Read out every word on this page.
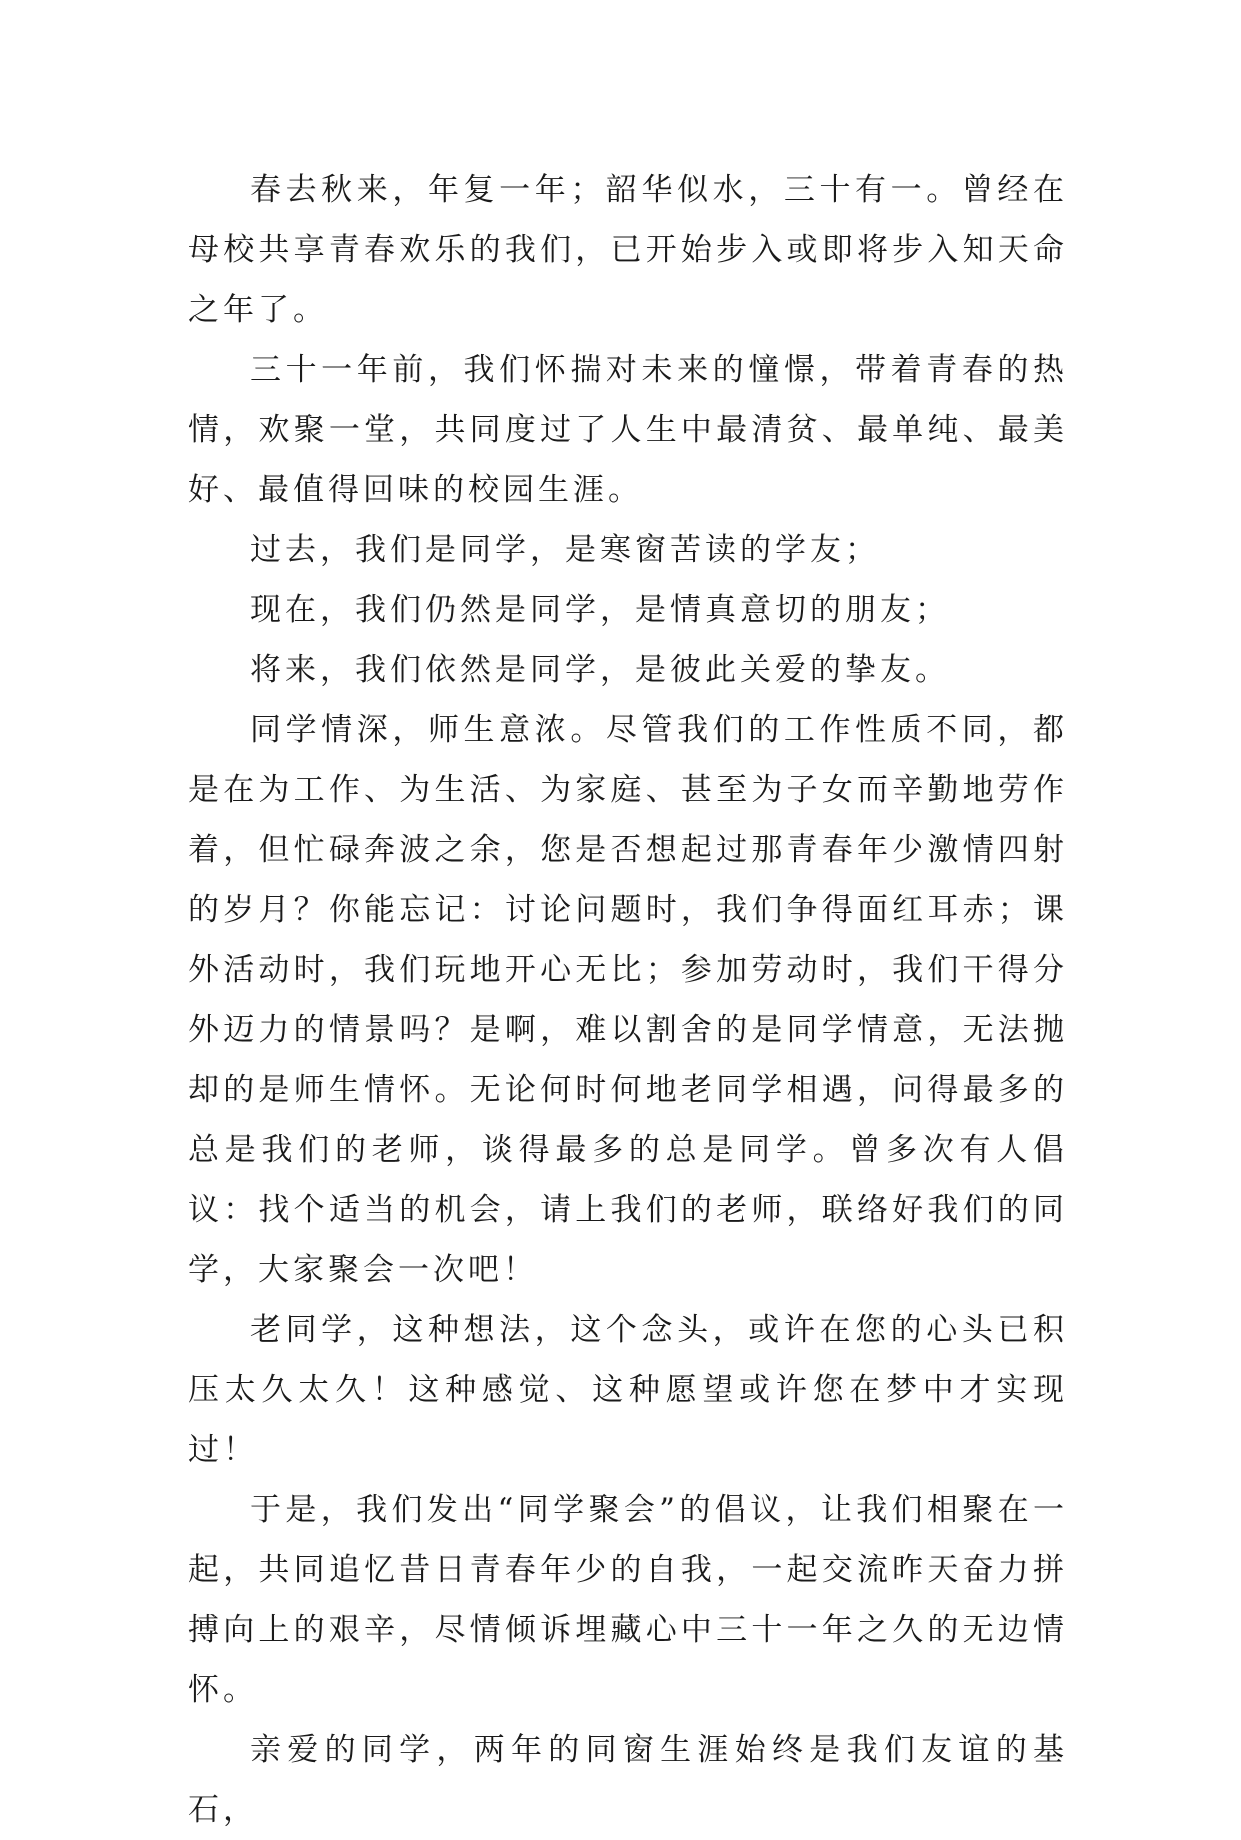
春去秋来，年复一年；韶华似水，三十有一。曾经在母校共享青春欢乐的我们，已开始步入或即将步入知天命之年了。

三十一年前，我们怀揣对未来的憧憬，带着青春的热情，欢聚一堂，共同度过了人生中最清贫、最单纯、最美好、最值得回味的校园生涯。

过去，我们是同学，是寒窗苦读的学友；

现在，我们仍然是同学，是情真意切的朋友；

将来，我们依然是同学，是彼此关爱的挚友。

同学情深，师生意浓。尽管我们的工作性质不同，都是在为工作、为生活、为家庭、甚至为子女而辛勤地劳作着，但忙碌奔波之余，您是否想起过那青春年少激情四射的岁月？你能忘记：讨论问题时，我们争得面红耳赤；课外活动时，我们玩地开心无比；参加劳动时，我们干得分外迈力的情景吗？是啊，难以割舍的是同学情意，无法抛却的是师生情怀。无论何时何地老同学相遇，问得最多的总是我们的老师，谈得最多的总是同学。曾多次有人倡议：找个适当的机会，请上我们的老师，联络好我们的同学，大家聚会一次吧！

老同学，这种想法，这个念头，或许在您的心头已积压太久太久！这种感觉、这种愿望或许您在梦中才实现过！

于是，我们发出“同学聚会”的倡议，让我们相聚在一起，共同追忆昔日青春年少的自我，一起交流昨天奋力拼搏向上的艰辛，尽情倾诉埋藏心中三十一年之久的无边情怀。

亲爱的同学，两年的同窗生涯始终是我们友谊的基石，
